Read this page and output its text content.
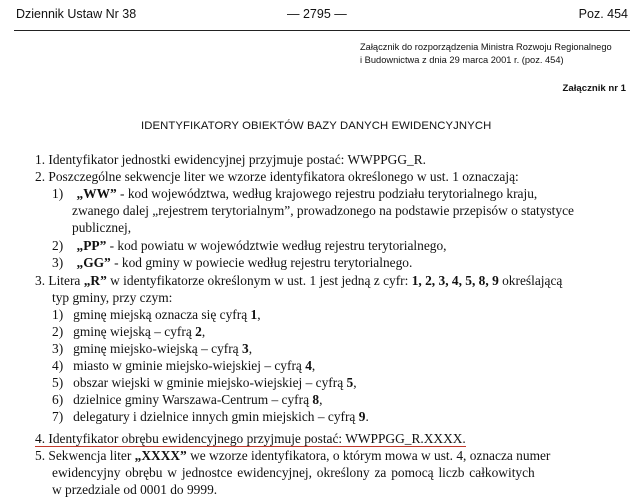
Dziennik Ustaw Nr 38	— 2795 —	Poz. 454
Załącznik do rozporządzenia Ministra Rozwoju Regionalnego
i Budownictwa z dnia 29 marca 2001 r. (poz. 454)
Załącznik nr 1
IDENTYFIKATORY OBIEKTÓW BAZY DANYCH EWIDENCYJNYCH
1. Identyfikator jednostki ewidencyjnej przyjmuje postać: WWPPGG_R.
2. Poszczególne sekwencje liter we wzorze identyfikatora określonego w ust. 1 oznaczają:
1) „WW” - kod województwa, według krajowego rejestru podziału terytorialnego kraju,
zwanego dalej „rejestrem terytorialnym”, prowadzonego na podstawie przepisów o statystyce
publicznej,
2) „PP” - kod powiatu w województwie według rejestru terytorialnego,
3) „GG” - kod gminy w powiecie według rejestru terytorialnego.
3. Litera „R” w identyfikatorze określonym w ust. 1 jest jedną z cyfr: 1, 2, 3, 4, 5, 8, 9 określającą
typ gminy, przy czym:
1) gminę miejską oznacza się cyfrą 1,
2) gminę wiejską – cyfrą 2,
3) gminę miejsko-wiejską – cyfrą 3,
4) miasto w gminie miejsko-wiejskiej – cyfrą 4,
5) obszar wiejski w gminie miejsko-wiejskiej – cyfrą 5,
6) dzielnice gminy Warszawa-Centrum – cyfrą 8,
7) delegatury i dzielnice innych gmin miejskich – cyfrą 9.
4. Identyfikator obrębu ewidencyjnego przyjmuje postać: WWPPGG_R.XXXX.
5. Sekwencja liter „XXXX” we wzorze identyfikatora, o którym mowa w ust. 4, oznacza numer
ewidencyjny obrębu w jednostce ewidencyjnej, określony za pomocą liczb całkowitych
w przedziale od 0001 do 9999.
